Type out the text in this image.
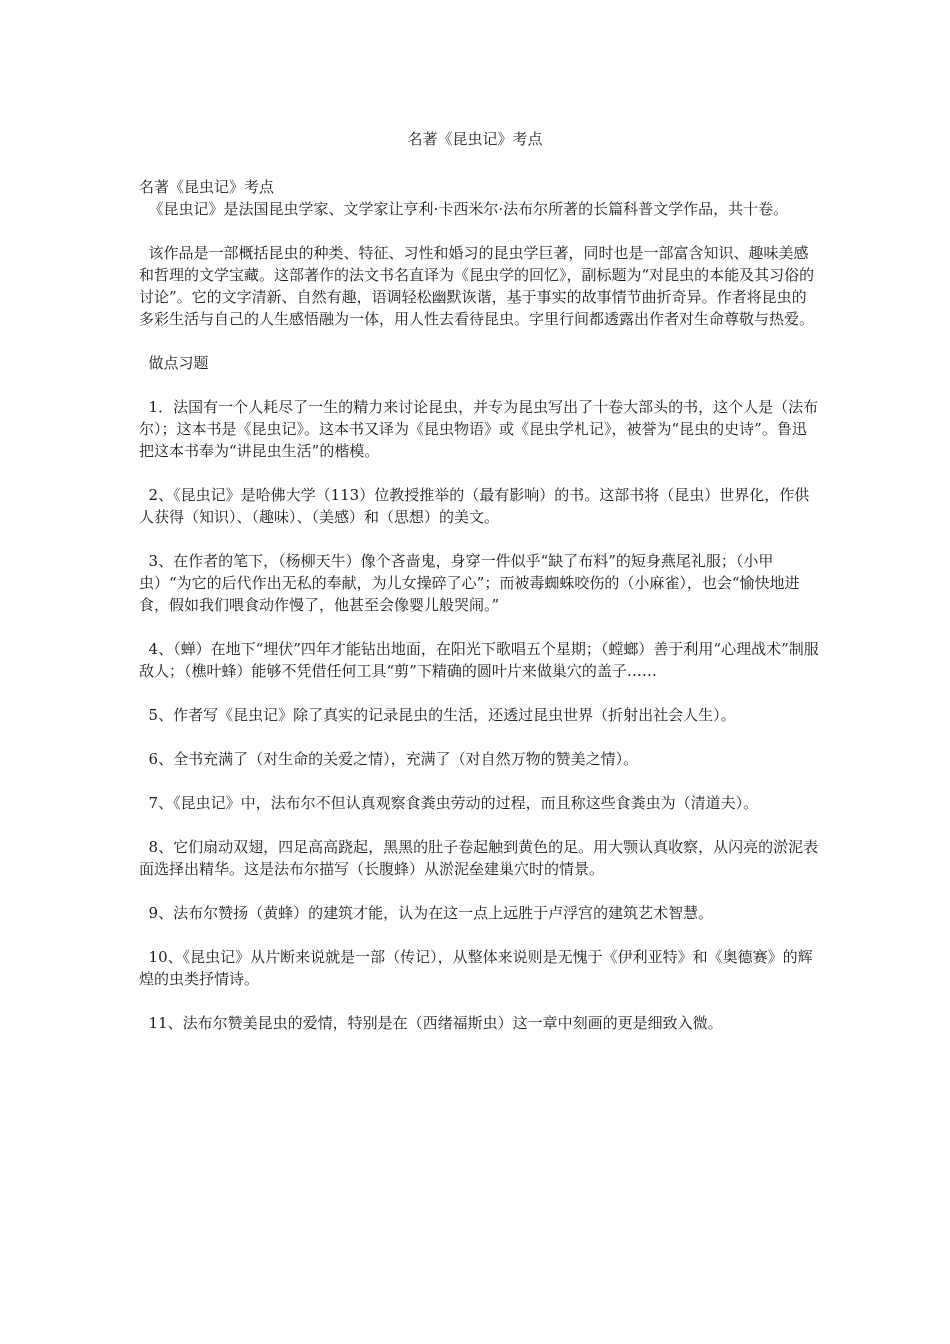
名著《昆虫记》考点

名著《昆虫记》考点

《昆虫记》是法国昆虫学家、文学家让亨利·卡西米尔·法布尔所著的长篇科普文学作品，共十卷。

该作品是一部概括昆虫的种类、特征、习性和婚习的昆虫学巨著，同时也是一部富含知识、趣味美感和哲理的文学宝藏。这部著作的法文书名直译为《昆虫学的回忆》，副标题为“对昆虫的本能及其习俗的讨论”。它的文字清新、自然有趣，语调轻松幽默诙谐，基于事实的故事情节曲折奇异。作者将昆虫的多彩生活与自己的人生感悟融为一体，用人性去看待昆虫。字里行间都透露出作者对生命尊敬与热爱。

做点习题

1．法国有一个人耗尽了一生的精力来讨论昆虫，并专为昆虫写出了十卷大部头的书，这个人是（法布尔）；这本书是《昆虫记》。这本书又译为《昆虫物语》或《昆虫学札记》，被誉为“昆虫的史诗”。鲁迅把这本书奉为“讲昆虫生活”的楷模。

2、《昆虫记》是哈佛大学（113）位教授推举的（最有影响）的书。这部书将（昆虫）世界化，作供人获得（知识）、（趣味）、（美感）和（思想）的美文。

3、在作者的笔下，（杨柳天牛）像个吝啬鬼，身穿一件似乎“缺了布料”的短身燕尾礼服；（小甲虫）“为它的后代作出无私的奉献，为儿女操碎了心”；而被毒蜘蛛咬伤的（小麻雀），也会“愉快地进食，假如我们喂食动作慢了，他甚至会像婴儿般哭闹。”

4、（蝉）在地下“埋伏”四年才能钻出地面，在阳光下歌唱五个星期；（螳螂）善于利用“心理战术”制服敌人；（樵叶蜂）能够不凭借任何工具“剪”下精确的圆叶片来做巢穴的盖子……

5、作者写《昆虫记》除了真实的记录昆虫的生活，还透过昆虫世界（折射出社会人生）。

6、全书充满了（对生命的关爱之情），充满了（对自然万物的赞美之情）。

7、《昆虫记》中，法布尔不但认真观察食粪虫劳动的过程，而且称这些食粪虫为（清道夫）。

8、它们扇动双翅，四足高高跷起，黑黑的肚子卷起触到黄色的足。用大颚认真收察，从闪亮的淤泥表面选择出精华。这是法布尔描写（长腹蜂）从淤泥垒建巢穴时的情景。

9、法布尔赞扬（黄蜂）的建筑才能，认为在这一点上远胜于卢浮宫的建筑艺术智慧。

10、《昆虫记》从片断来说就是一部（传记），从整体来说则是无愧于《伊利亚特》和《奥德赛》的辉煌的虫类抒情诗。

11、法布尔赞美昆虫的爱情，特别是在（西绪福斯虫）这一章中刻画的更是细致入微。
